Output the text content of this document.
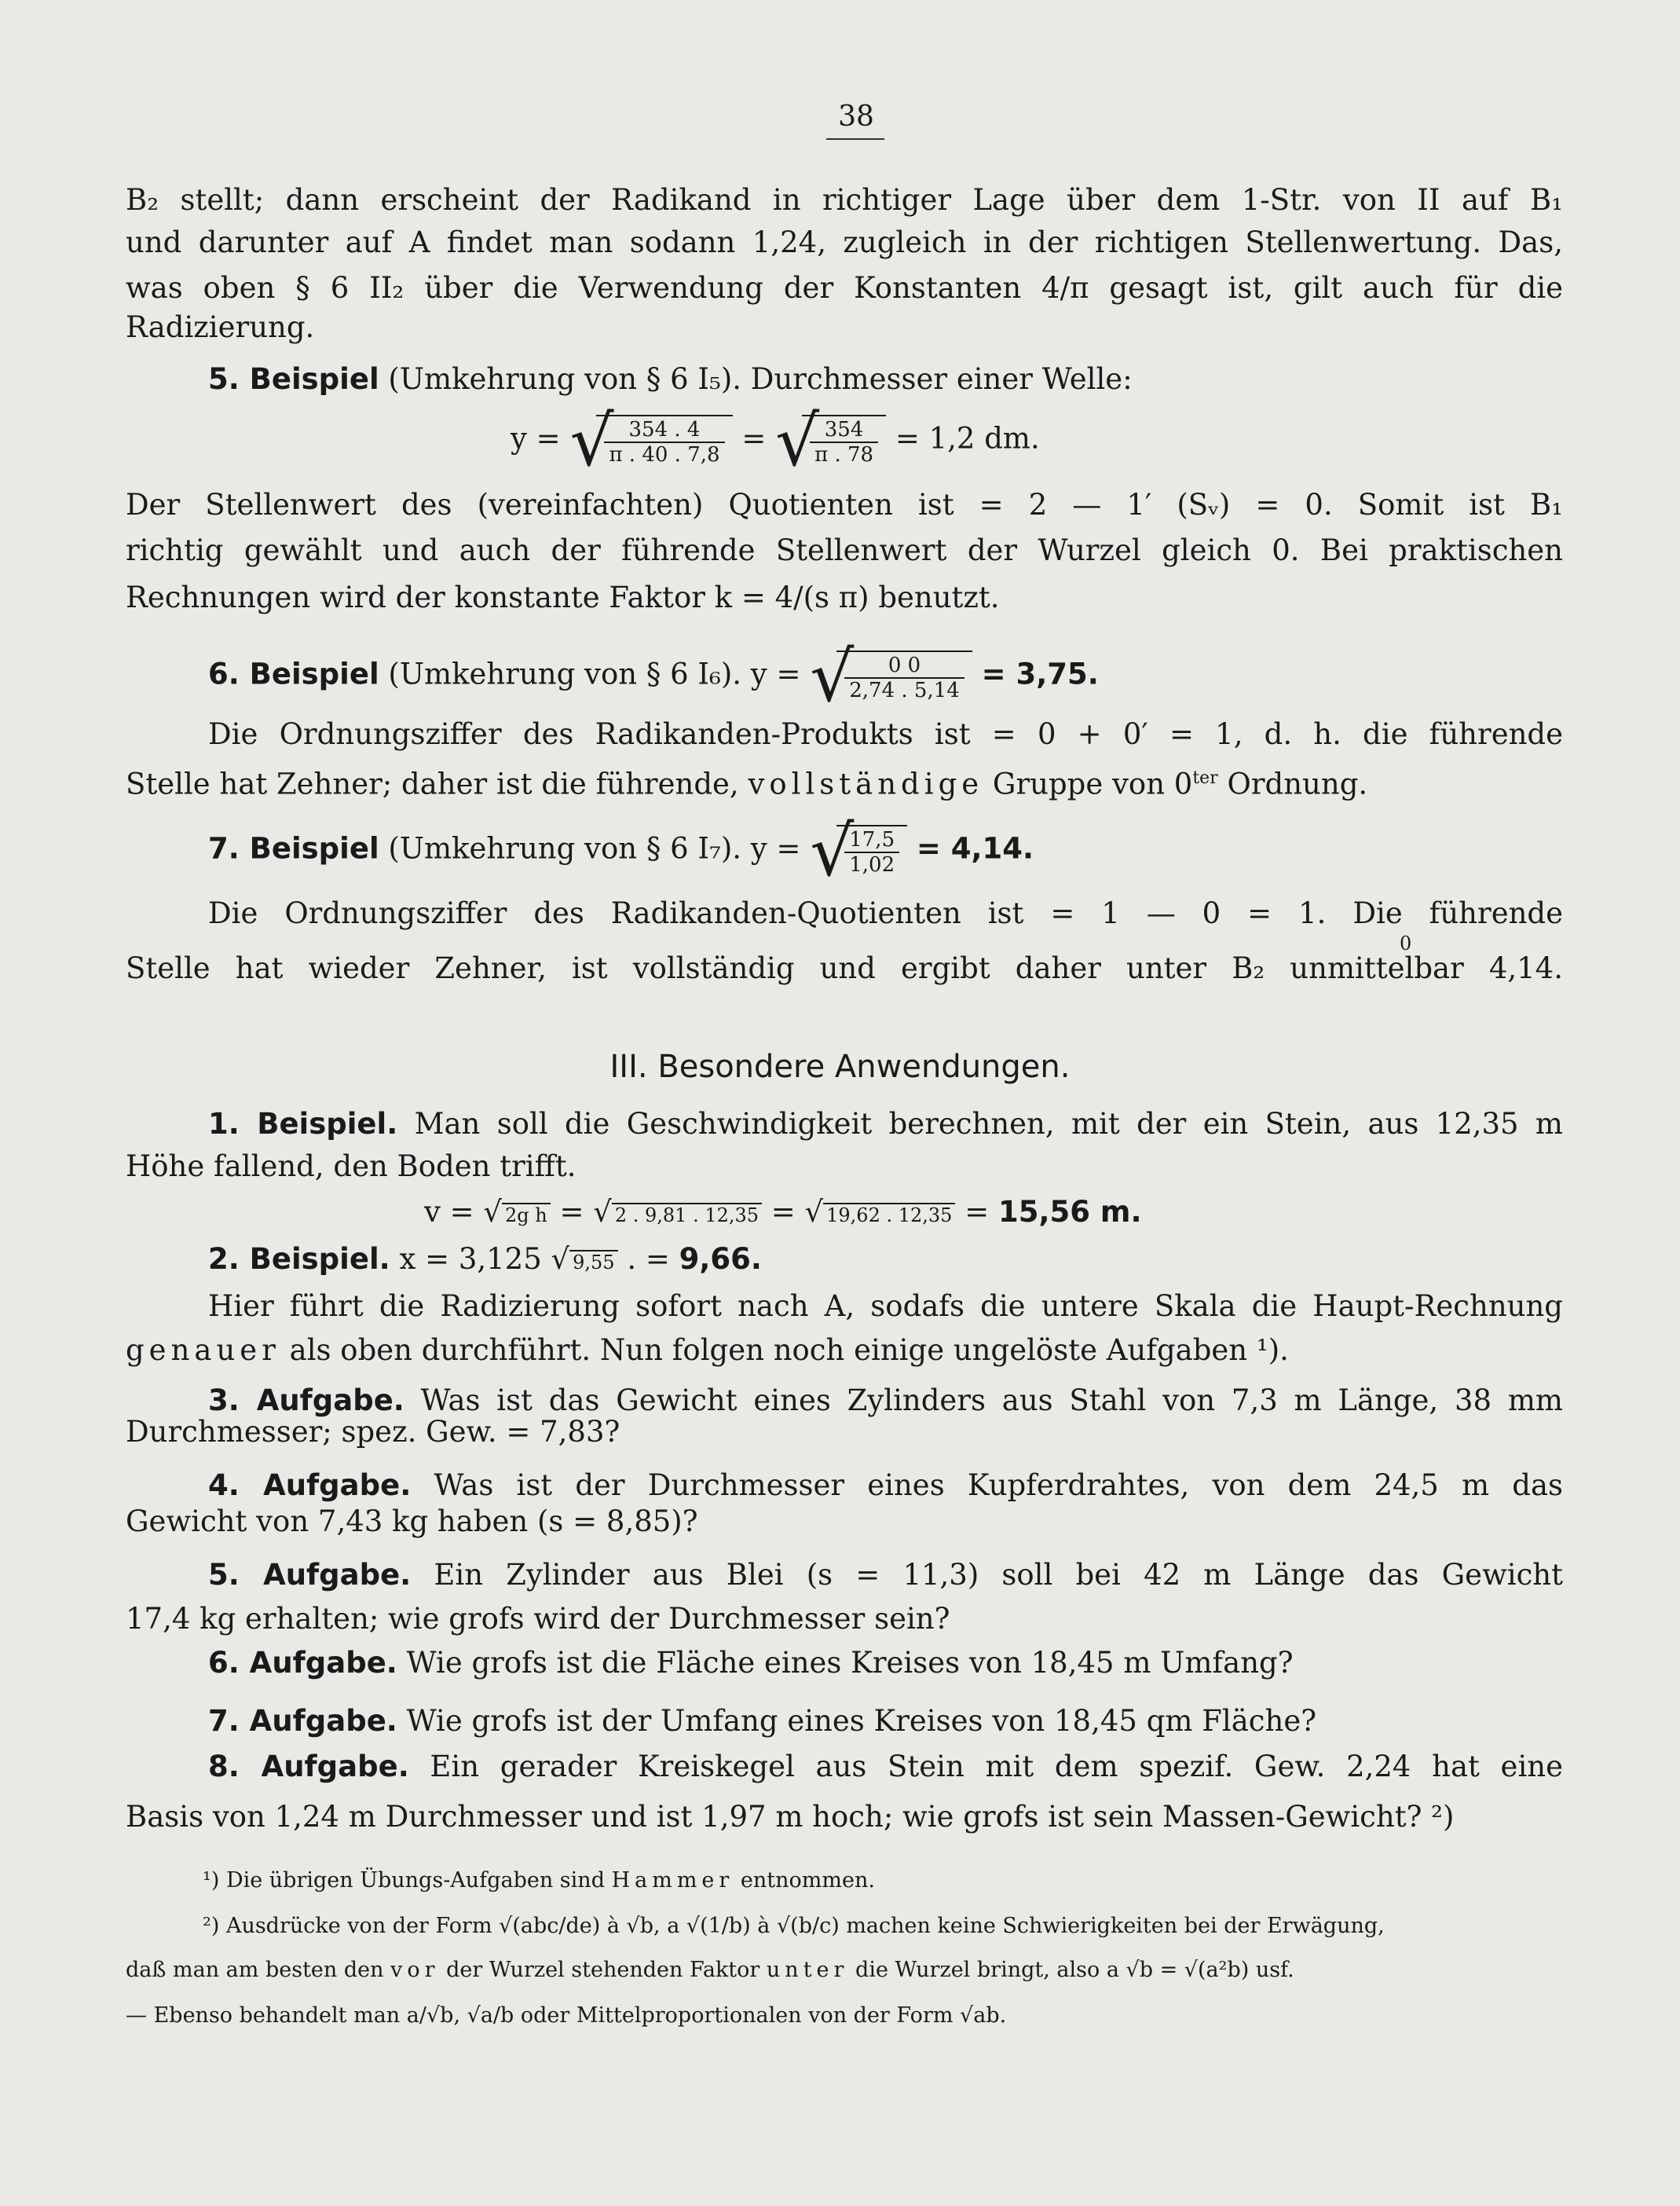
38
B₂ stellt; dann erscheint der Radikand in richtiger Lage über dem 1-Str. von II auf B₁
und darunter auf A findet man sodann 1,24, zugleich in der richtigen Stellenwertung. Das,
was oben § 6 II₂ über die Verwendung der Konstanten 4/π gesagt ist, gilt auch für die
Radizierung.
5. Beispiel (Umkehrung von § 6 I₅). Durchmesser einer Welle:
y = √
$\frac{354 . 4}{\pi . 40 . 7,8}$ = √
$\frac{354}{\pi . 78} = 1,2$ dm.
Der Stellenwert des (vereinfachten) Quotienten ist = 2 — 1′ (Sᵥ) = 0. Somit ist B₁
richtig gewählt und auch der führende Stellenwert der Wurzel gleich 0. Bei praktischen
Rechnungen wird der konstante Faktor k = 4/(s π) benutzt.
6. Beispiel (Umkehrung von § 6 I₆). y = √
$\frac{0 0}{2,74 . 5,14} = 3,75$.
Die Ordnungsziffer des Radikanden-Produkts ist = 0 + 0′ = 1, d. h. die führende
Stelle hat Zehner; daher ist die führende, vollständige Gruppe von $0^{ter}$ Ordnung.
7. Beispiel (Umkehrung von § 6 I₇). y = √
$\frac{17,5}{1,02} = 4,14$.
Die Ordnungsziffer des Radikanden-Quotienten ist = 1 — 0 = 1. Die führende
0
Stelle hat wieder Zehner, ist vollständig und ergibt daher unter B₂ unmittelbar 4,14.
III. Besondere Anwendungen.
1. Beispiel. Man soll die Geschwindigkeit berechnen, mit der ein Stein, aus 12,35 m
Höhe fallend, den Boden trifft.
v = √ 2g h = √ 2 . 9,81 . 12,35 = √ 19,62 . 12,35 = 15,56 m.
2. Beispiel. x = 3,125 √ 9,55 . = 9,66.
Hier führt die Radizierung sofort nach A, sodafs die untere Skala die Haupt-Rechnung
genauer als oben durchführt. Nun folgen noch einige ungelöste Aufgaben ¹).
3. Aufgabe. Was ist das Gewicht eines Zylinders aus Stahl von 7,3 m Länge, 38 mm
Durchmesser; spez. Gew. = 7,83?
4. Aufgabe. Was ist der Durchmesser eines Kupferdrahtes, von dem 24,5 m das
Gewicht von 7,43 kg haben (s = 8,85)?
5. Aufgabe. Ein Zylinder aus Blei (s = 11,3) soll bei 42 m Länge das Gewicht
17,4 kg erhalten; wie grofs wird der Durchmesser sein?
6. Aufgabe. Wie grofs ist die Fläche eines Kreises von 18,45 m Umfang?
7. Aufgabe. Wie grofs ist der Umfang eines Kreises von 18,45 qm Fläche?
8. Aufgabe. Ein gerader Kreiskegel aus Stein mit dem spezif. Gew. 2,24 hat eine
Basis von 1,24 m Durchmesser und ist 1,97 m hoch; wie grofs ist sein Massen-Gewicht? ²)
¹) Die übrigen Übungs-Aufgaben sind Hammer entnommen.
²) Ausdrücke von der Form √(abc/de) à √b, a √(1/b) à √(b/c) machen keine Schwierigkeiten bei der Erwägung,
daß man am besten den vor der Wurzel stehenden Faktor unter die Wurzel bringt, also a √b = √(a²b) usf.
— Ebenso behandelt man a/√b, √a/b oder Mittelproportionalen von der Form √ab.
